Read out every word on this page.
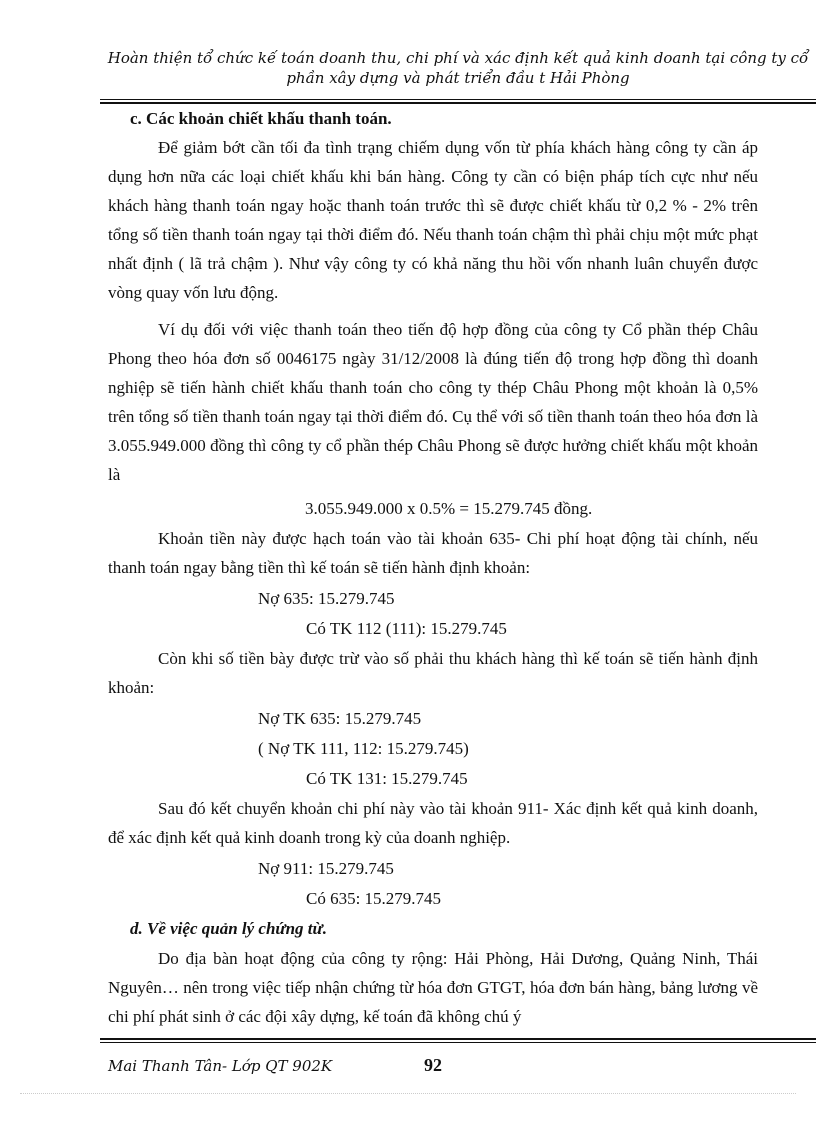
Hoàn thiện tổ chức kế toán doanh thu, chi phí và xác định kết quả kinh doanh tại công ty cổ
phần xây dựng và phát triển đầu t Hải Phòng
c. Các khoản chiết khấu thanh toán.

Để giảm bớt cần tối đa tình trạng chiếm dụng vốn từ phía khách hàng công ty cần áp dụng hơn nữa các loại chiết khấu khi bán hàng. Công ty cần có biện pháp tích cực như nếu khách hàng thanh toán ngay hoặc thanh toán trước thì sẽ được chiết khấu từ 0,2 % - 2% trên tổng số tiền thanh toán ngay tại thời điểm đó. Nếu thanh toán chậm thì phải chịu một mức phạt nhất định ( lã trả chậm ). Như vậy công ty có khả năng thu hồi vốn nhanh luân chuyển được vòng quay vốn lưu động.

Ví dụ đối với việc thanh toán theo tiến độ hợp đồng của công ty Cổ phần thép Châu Phong theo hóa đơn số 0046175 ngày 31/12/2008 là đúng tiến độ trong hợp đồng thì doanh nghiệp sẽ tiến hành chiết khấu thanh toán cho công ty thép Châu Phong một khoản là 0,5% trên tổng số tiền thanh toán ngay tại thời điểm đó. Cụ thể với số tiền thanh toán theo hóa đơn là 3.055.949.000 đồng thì công ty cổ phần thép Châu Phong sẽ được hưởng chiết khấu một khoản là

3.055.949.000 x 0.5% = 15.279.745 đồng.

Khoản tiền này được hạch toán vào tài khoản 635- Chi phí hoạt động tài chính, nếu thanh toán ngay bằng tiền thì kế toán sẽ tiến hành định khoản:

Nợ 635: 15.279.745
Có TK 112 (111): 15.279.745

Còn khi số tiền bày được trừ vào số phải thu khách hàng thì kế toán sẽ tiến hành định khoản:

Nợ TK 635: 15.279.745
( Nợ TK 111, 112: 15.279.745)
Có TK 131: 15.279.745

Sau đó kết chuyển khoản chi phí này vào tài khoản 911- Xác định kết quả kinh doanh, để xác định kết quả kinh doanh trong kỳ của doanh nghiệp.

Nợ 911: 15.279.745
Có 635: 15.279.745
d. Về việc quản lý chứng từ.

Do địa bàn hoạt động của công ty rộng: Hải Phòng, Hải Dương, Quảng Ninh, Thái Nguyên… nên trong việc tiếp nhận chứng từ hóa đơn GTGT, hóa đơn bán hàng, bảng lương về chi phí phát sinh ở các đội xây dựng, kế toán đã không chú ý

Mai Thanh Tân- Lớp QT 902K	92
